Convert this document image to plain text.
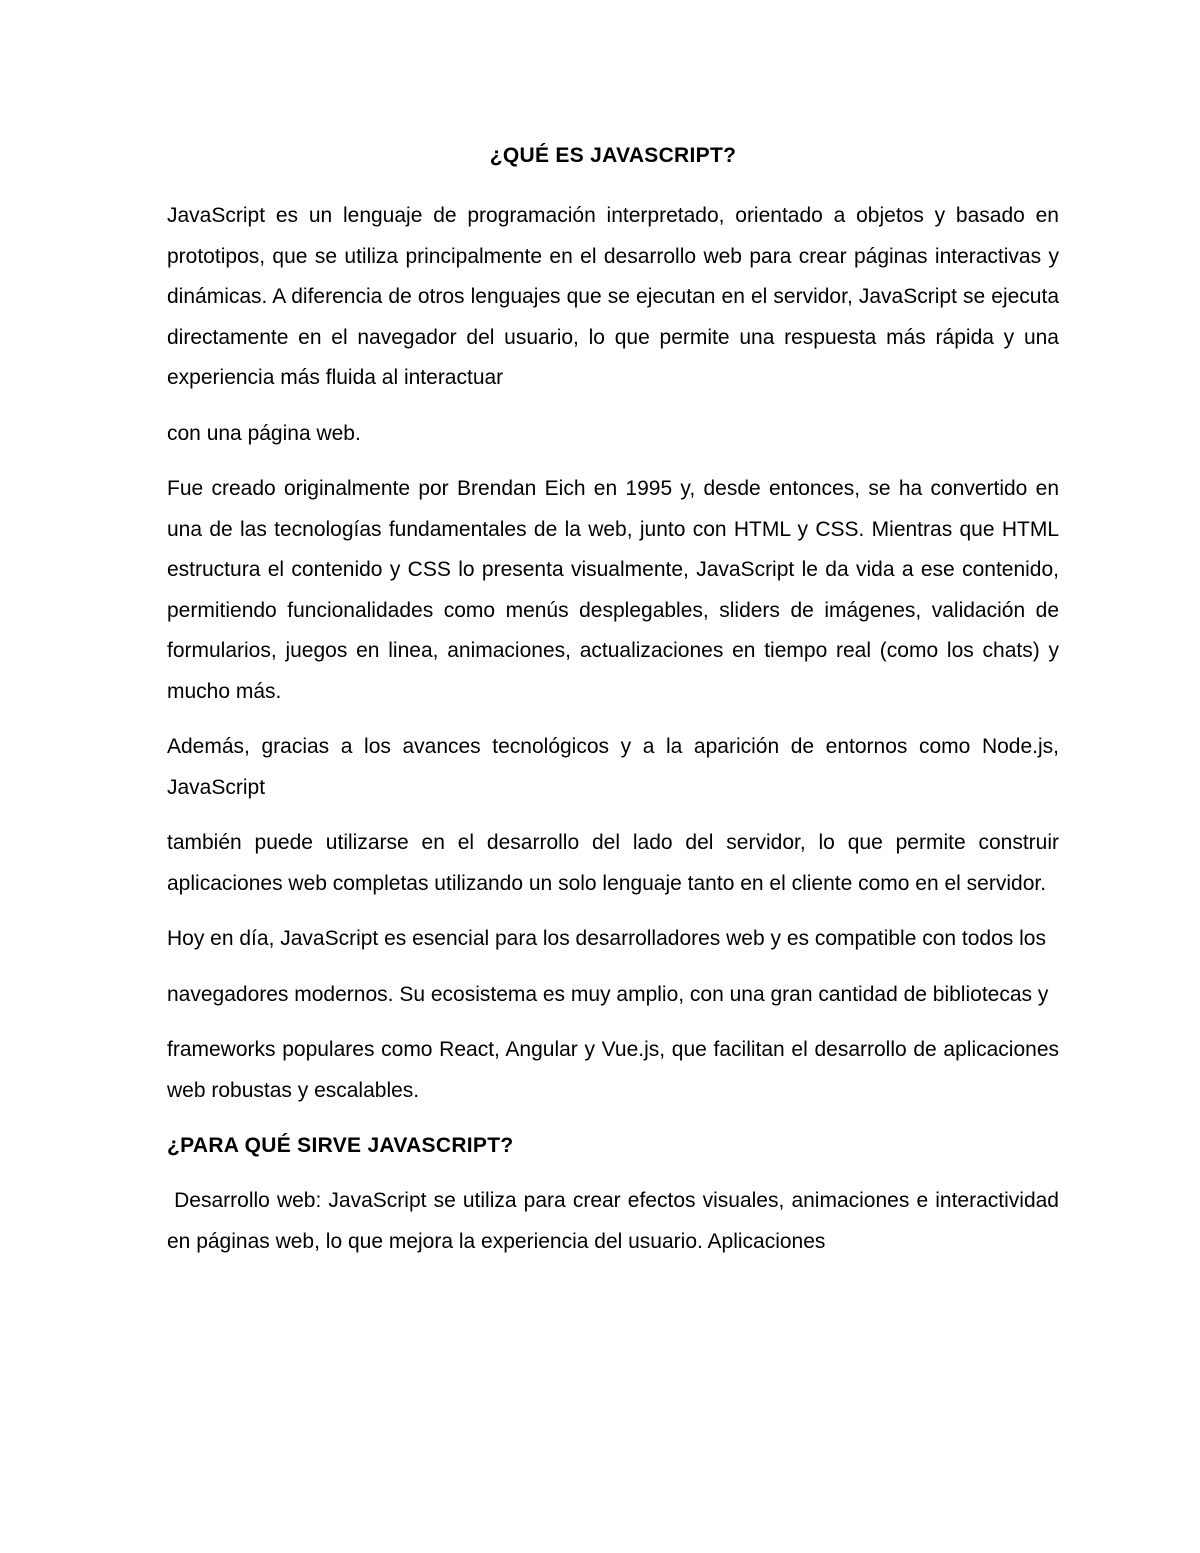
¿QUÉ ES JAVASCRIPT?

JavaScript es un lenguaje de programación interpretado, orientado a objetos y basado en prototipos, que se utiliza principalmente en el desarrollo web para crear páginas interactivas y dinámicas. A diferencia de otros lenguajes que se ejecutan en el servidor, JavaScript se ejecuta directamente en el navegador del usuario, lo que permite una respuesta más rápida y una experiencia más fluida al interactuar

con una página web.

Fue creado originalmente por Brendan Eich en 1995 y, desde entonces, se ha convertido en una de las tecnologías fundamentales de la web, junto con HTML y CSS. Mientras que HTML estructura el contenido y CSS lo presenta visualmente, JavaScript le da vida a ese contenido, permitiendo funcionalidades como menús desplegables, sliders de imágenes, validación de formularios, juegos en linea, animaciones, actualizaciones en tiempo real (como los chats) y mucho más.

Además, gracias a los avances tecnológicos y a la aparición de entornos como Node.js, JavaScript

también puede utilizarse en el desarrollo del lado del servidor, lo que permite construir aplicaciones web completas utilizando un solo lenguaje tanto en el cliente como en el servidor.

Hoy en día, JavaScript es esencial para los desarrolladores web y es compatible con todos los

navegadores modernos. Su ecosistema es muy amplio, con una gran cantidad de bibliotecas y

frameworks populares como React, Angular y Vue.js, que facilitan el desarrollo de aplicaciones web robustas y escalables.

¿PARA QUÉ SIRVE JAVASCRIPT?

Desarrollo web: JavaScript se utiliza para crear efectos visuales, animaciones e interactividad en páginas web, lo que mejora la experiencia del usuario. Aplicaciones
